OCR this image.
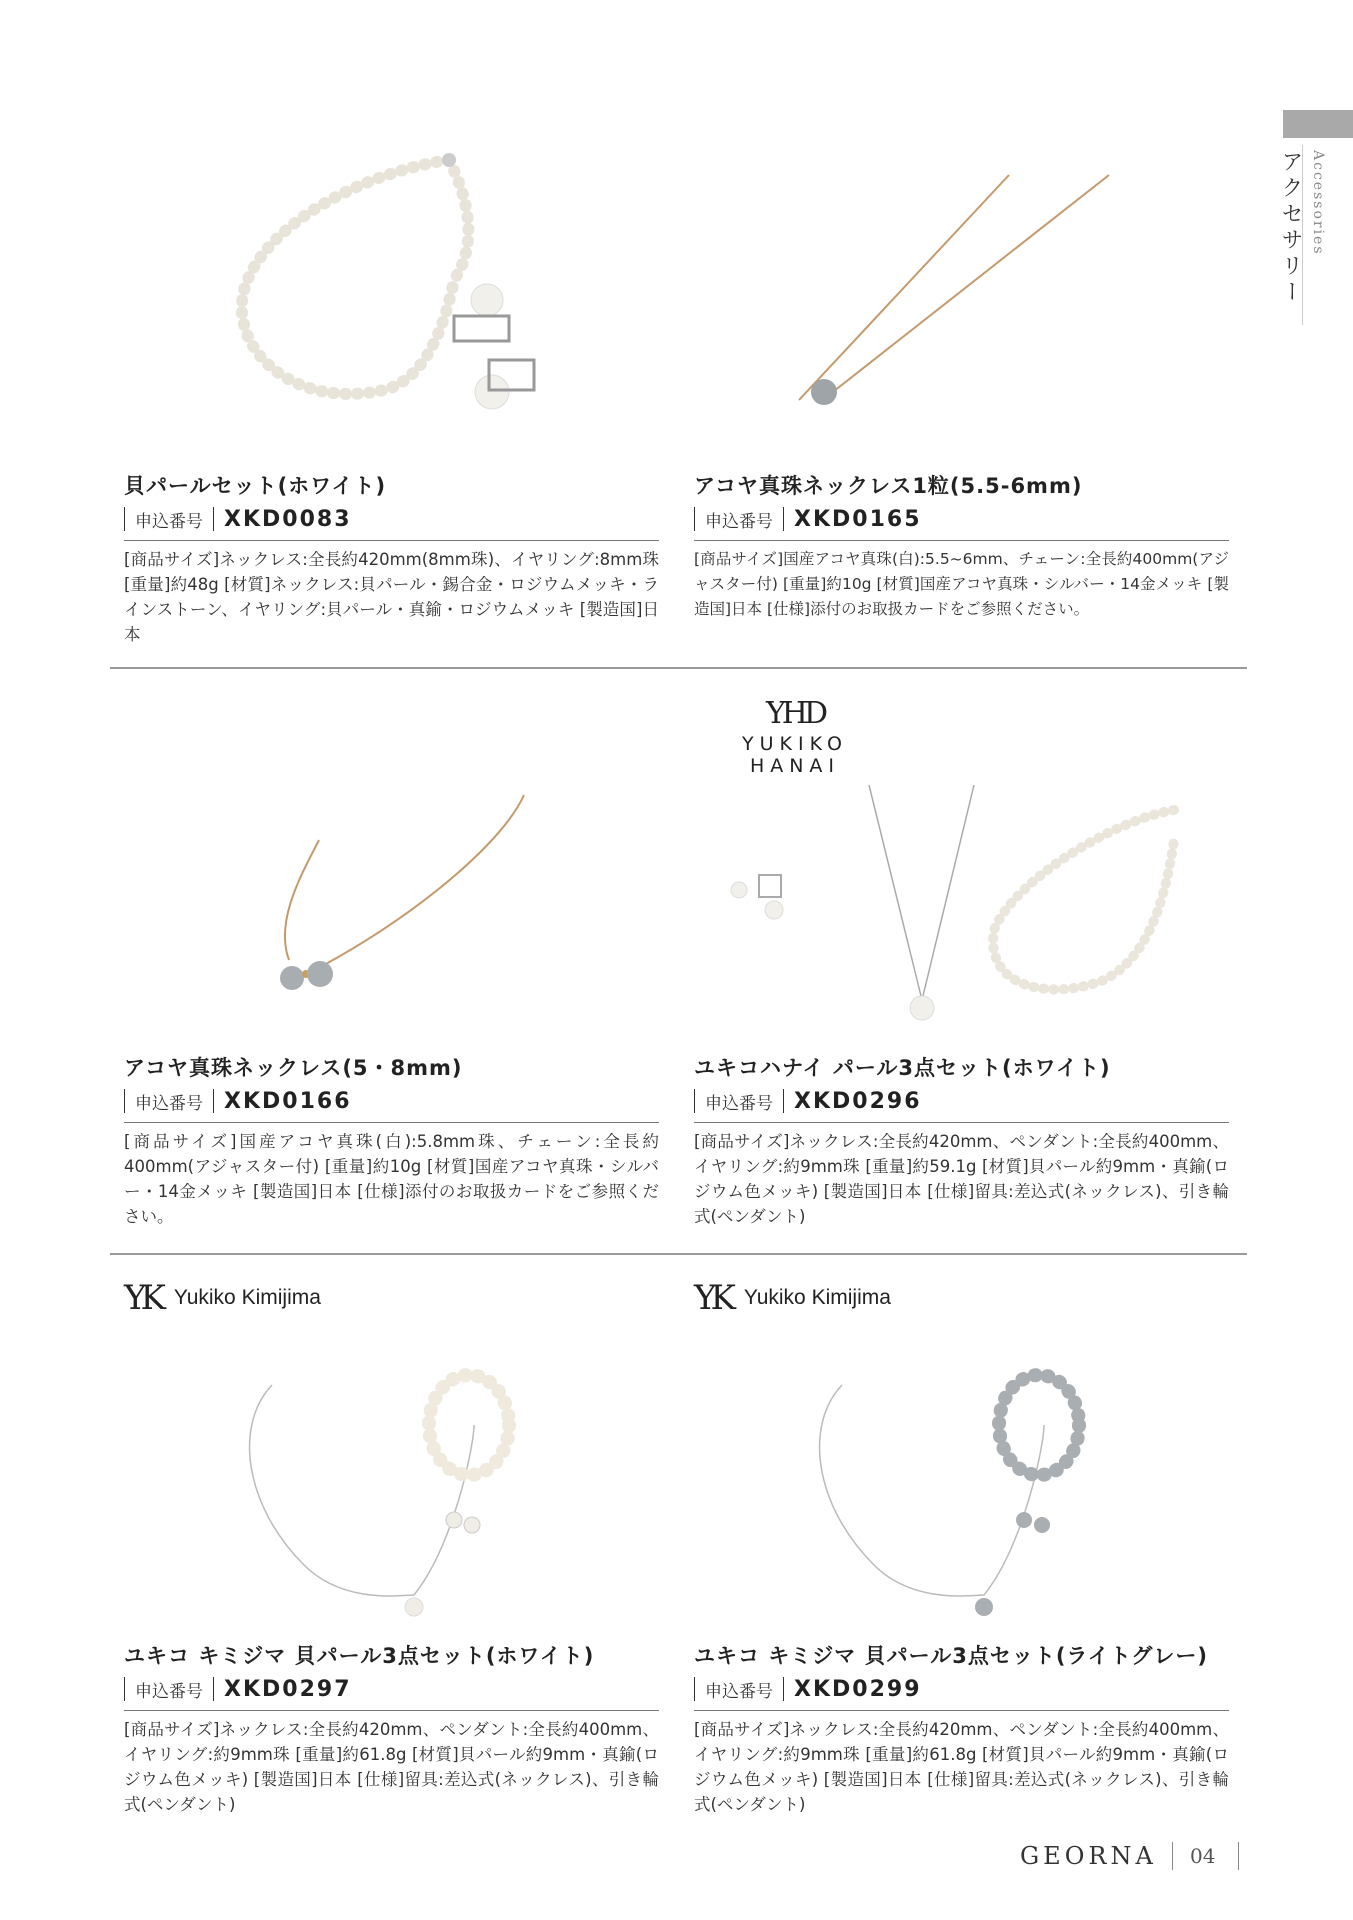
アクセサリー Accessories
貝パールセット(ホワイト)
申込番号 XKD0083
[商品サイズ]ネックレス:全長約420mm(8mm珠)、イヤリング:8mm珠 [重量]約48g [材質]ネックレス:貝パール・錫合金・ロジウムメッキ・ラインストーン、イヤリング:貝パール・真鍮・ロジウムメッキ [製造国]日本
アコヤ真珠ネックレス1粒(5.5-6mm)
申込番号 XKD0165
[商品サイズ]国産アコヤ真珠(白):5.5~6mm、チェーン:全長約400mm(アジャスター付) [重量]約10g [材質]国産アコヤ真珠・シルバー・14金メッキ [製造国]日本 [仕様]添付のお取扱カードをご参照ください。
YHD
YUKIKO HANAI
アコヤ真珠ネックレス(5・8mm)
申込番号 XKD0166
[商品サイズ]国産アコヤ真珠(白):5.8mm珠、チェーン:全長約400mm(アジャスター付) [重量]約10g [材質]国産アコヤ真珠・シルバー・14金メッキ [製造国]日本 [仕様]添付のお取扱カードをご参照ください。
ユキコハナイ パール3点セット(ホワイト)
申込番号 XKD0296
[商品サイズ]ネックレス:全長約420mm、ペンダント:全長約400mm、イヤリング:約9mm珠 [重量]約59.1g [材質]貝パール約9mm・真鍮(ロジウム色メッキ) [製造国]日本 [仕様]留具:差込式(ネックレス)、引き輪式(ペンダント)
YK Yukiko Kimijima	YK Yukiko Kimijima
ユキコ キミジマ 貝パール3点セット(ホワイト)
申込番号 XKD0297
[商品サイズ]ネックレス:全長約420mm、ペンダント:全長約400mm、イヤリング:約9mm珠 [重量]約61.8g [材質]貝パール約9mm・真鍮(ロジウム色メッキ) [製造国]日本 [仕様]留具:差込式(ネックレス)、引き輪式(ペンダント)
ユキコ キミジマ 貝パール3点セット(ライトグレー)
申込番号 XKD0299
[商品サイズ]ネックレス:全長約420mm、ペンダント:全長約400mm、イヤリング:約9mm珠 [重量]約61.8g [材質]貝パール約9mm・真鍮(ロジウム色メッキ) [製造国]日本 [仕様]留具:差込式(ネックレス)、引き輪式(ペンダント)
GEORNA 04
